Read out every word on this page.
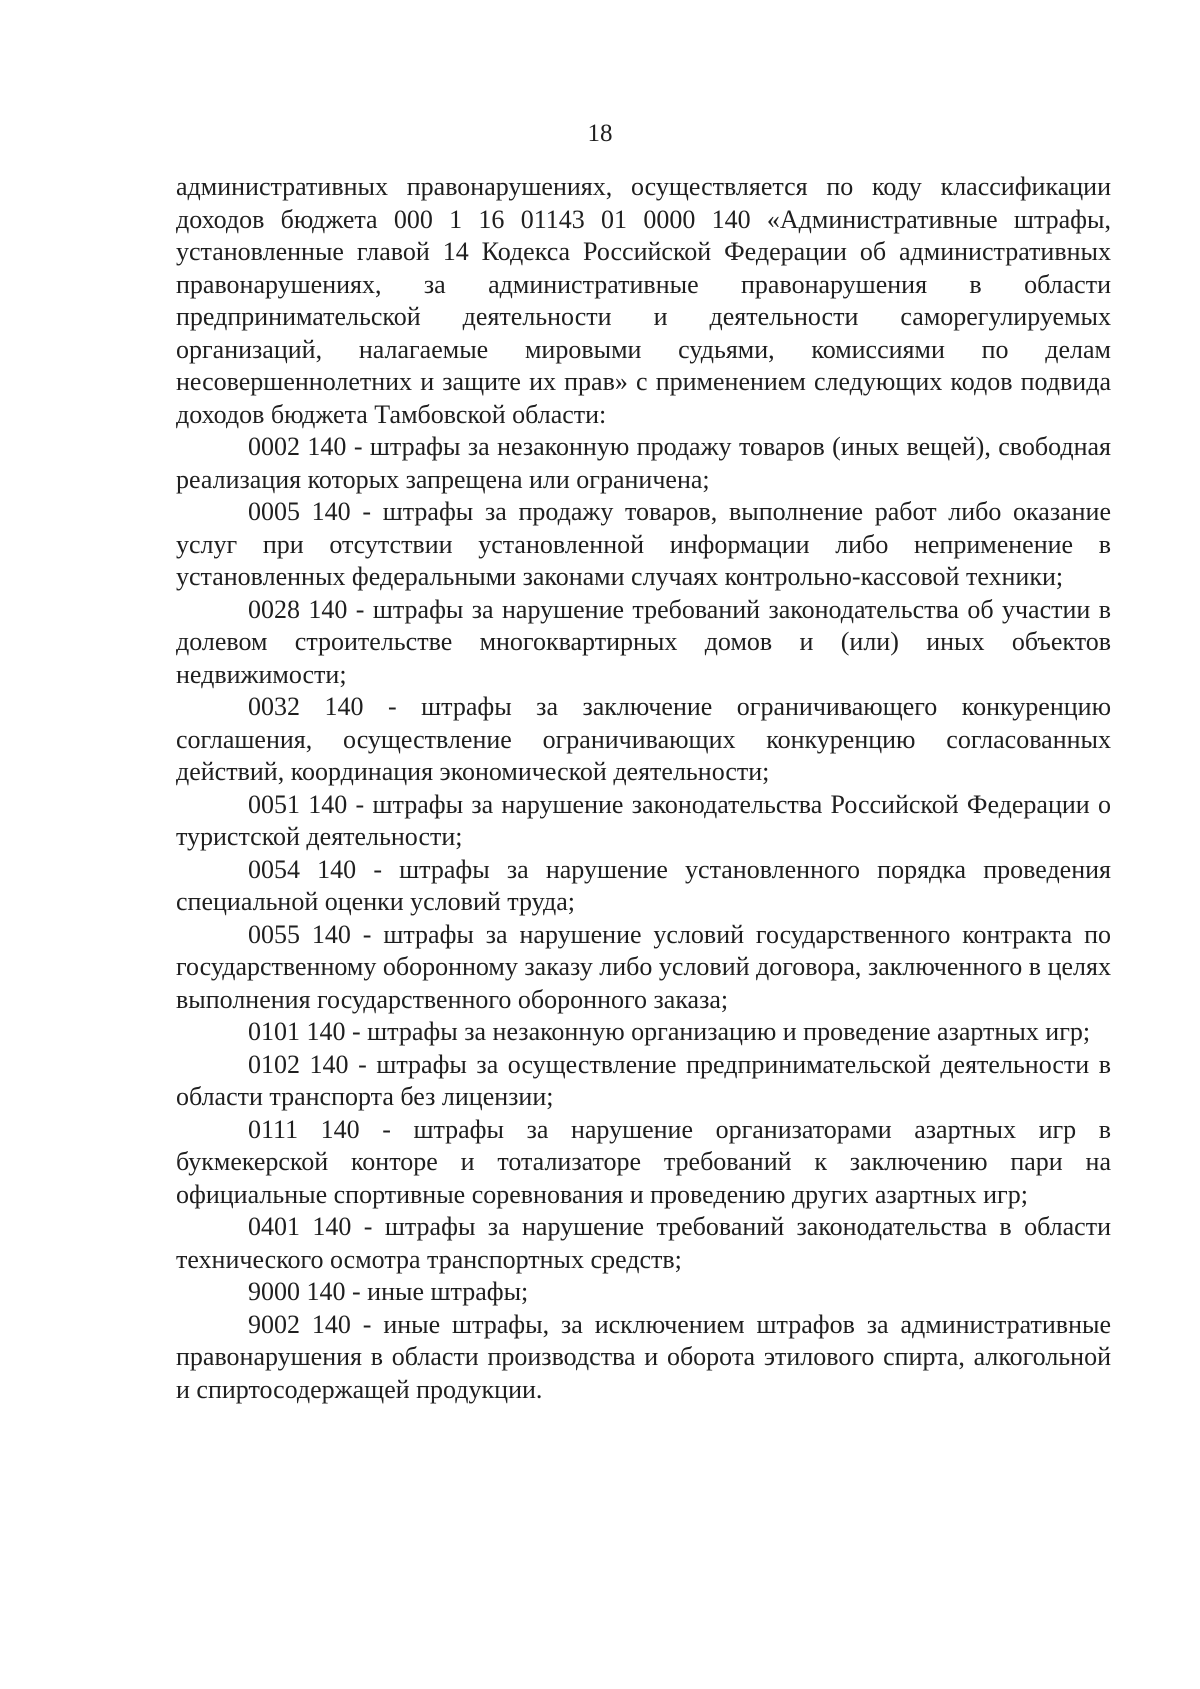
18

административных правонарушениях, осуществляется по коду классификации доходов бюджета 000 1 16 01143 01 0000 140 «Административные штрафы, установленные главой 14 Кодекса Российской Федерации об административных правонарушениях, за административные правонарушения в области предпринимательской деятельности и деятельности саморегулируемых организаций, налагаемые мировыми судьями, комиссиями по делам несовершеннолетних и защите их прав» с применением следующих кодов подвида доходов бюджета Тамбовской области:

0002 140 - штрафы за незаконную продажу товаров (иных вещей), свободная реализация которых запрещена или ограничена;

0005 140 - штрафы за продажу товаров, выполнение работ либо оказание услуг при отсутствии установленной информации либо неприменение в установленных федеральными законами случаях контрольно-кассовой техники;

0028 140 - штрафы за нарушение требований законодательства об участии в долевом строительстве многоквартирных домов и (или) иных объектов недвижимости;

0032 140 - штрафы за заключение ограничивающего конкуренцию соглашения, осуществление ограничивающих конкуренцию согласованных действий, координация экономической деятельности;

0051 140 - штрафы за нарушение законодательства Российской Федерации о туристской деятельности;

0054 140 - штрафы за нарушение установленного порядка проведения специальной оценки условий труда;

0055 140 - штрафы за нарушение условий государственного контракта по государственному оборонному заказу либо условий договора, заключенного в целях выполнения государственного оборонного заказа;

0101 140 - штрафы за незаконную организацию и проведение азартных игр;

0102 140 - штрафы за осуществление предпринимательской деятельности в области транспорта без лицензии;

0111 140 - штрафы за нарушение организаторами азартных игр в букмекерской конторе и тотализаторе требований к заключению пари на официальные спортивные соревнования и проведению других азартных игр;

0401 140 - штрафы за нарушение требований законодательства в области технического осмотра транспортных средств;

9000 140 - иные штрафы;

9002 140 - иные штрафы, за исключением штрафов за административные правонарушения в области производства и оборота этилового спирта, алкогольной и спиртосодержащей продукции.
